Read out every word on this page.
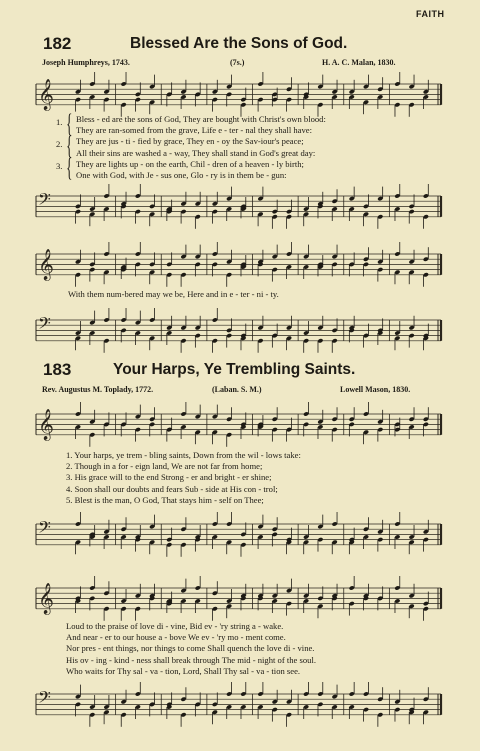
FAITH
182	Blessed Are the Sons of God.
Joseph Humphreys, 1743.	(7s.)	H. A. C. Malan, 1830.
𝄞
𝄢
1.
2.
3.
{
{
{
Bless - ed are the sons of God, They are bought with Christ's own blood:
They are ran-somed from the grave, Life e - ter - nal they shall have:
They are jus - ti - fied by grace, They en - oy the Sav-iour's peace;
All their sins are washed a - way, They shall stand in God's great day:
They are lights up - on the earth, Chil - dren of a heaven - ly birth;
One with God, with Je - sus one, Glo - ry is in them be - gun:
𝄞
With them num-bered may we be, Here and in e - ter - ni - ty.
𝄢
183	Your Harps, Ye Trembling Saints.
Rev. Augustus M. Toplady, 1772.	(Laban. S. M.)	Lowell Mason, 1830.
𝄞
1. Your harps, ye trem - bling saints, Down from the wil - lows take:
2. Though in a for - eign land, We are not far from home;
3. His grace will to the end Strong - er and bright - er shine;
4. Soon shall our doubts and fears Sub - side at His con - trol;
5. Blest is the man, O God, That stays him - self on Thee;
𝄢
𝄞
Loud to the praise of love di - vine, Bid ev - 'ry string a - wake.
And near - er to our house a - bove We ev - 'ry mo - ment come.
Nor pres - ent things, nor things to come Shall quench the love di - vine.
His ov - ing - kind - ness shall break through The mid - night of the soul.
Who waits for Thy sal - va - tion, Lord, Shall Thy sal - va - tion see.
𝄢
